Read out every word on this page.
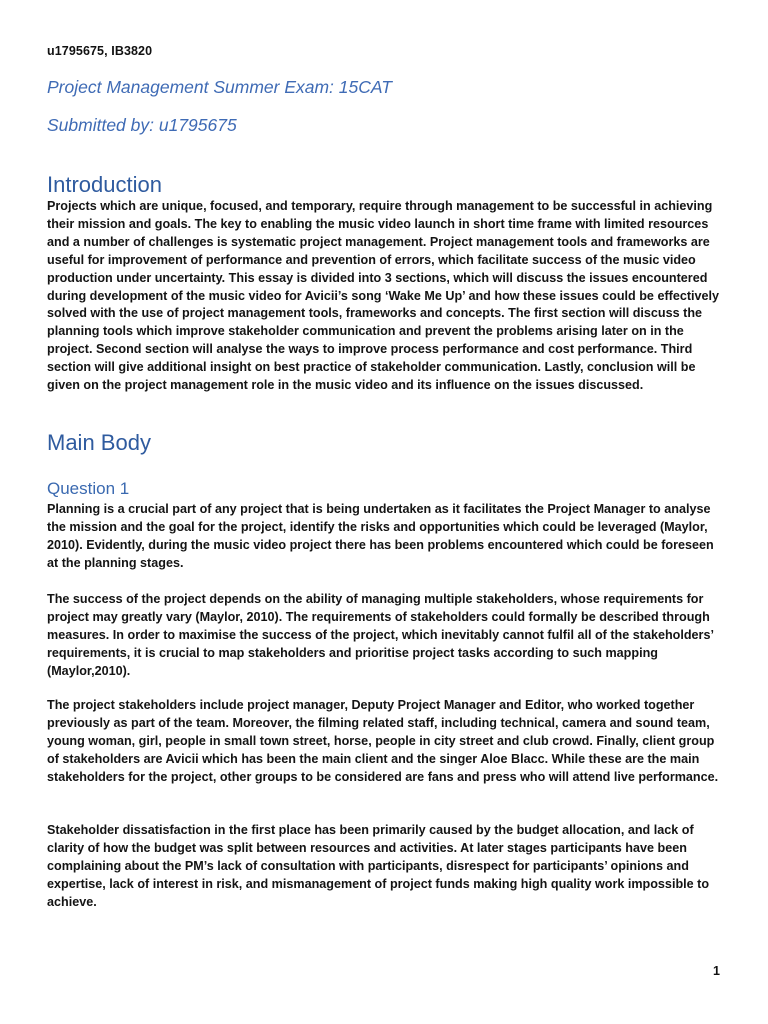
u1795675, IB3820
Project Management Summer Exam: 15CAT
Submitted by: u1795675
Introduction

Projects which are unique, focused, and temporary, require through management to be successful in achieving their mission and goals. The key to enabling the music video launch in short time frame with limited resources and a number of challenges is systematic project management. Project management tools and frameworks are useful for improvement of performance and prevention of errors, which facilitate success of the music video production under uncertainty. This essay is divided into 3 sections, which will discuss the issues encountered during development of the music video for Avicii’s song ‘Wake Me Up’ and how these issues could be effectively solved with the use of project management tools, frameworks and concepts. The first section will discuss the planning tools which improve stakeholder communication and prevent the problems arising later on in the project. Second section will analyse the ways to improve process performance and cost performance. Third section will give additional insight on best practice of stakeholder communication. Lastly, conclusion will be given on the project management role in the music video and its influence on the issues discussed.

Main Body
Question 1

Planning is a crucial part of any project that is being undertaken as it facilitates the Project Manager to analyse the mission and the goal for the project, identify the risks and opportunities which could be leveraged (Maylor, 2010). Evidently, during the music video project there has been problems encountered which could be foreseen at the planning stages.

The success of the project depends on the ability of managing multiple stakeholders, whose requirements for project may greatly vary (Maylor, 2010). The requirements of stakeholders could formally be described through measures. In order to maximise the success of the project, which inevitably cannot fulfil all of the stakeholders’ requirements, it is crucial to map stakeholders and prioritise project tasks according to such mapping (Maylor,2010).

The project stakeholders include project manager, Deputy Project Manager and Editor, who worked together previously as part of the team. Moreover, the filming related staff, including technical, camera and sound team, young woman, girl, people in small town street, horse, people in city street and club crowd. Finally, client group of stakeholders are Avicii which has been the main client and the singer Aloe Blacc. While these are the main stakeholders for the project, other groups to be considered are fans and press who will attend live performance.

Stakeholder dissatisfaction in the first place has been primarily caused by the budget allocation, and lack of clarity of how the budget was split between resources and activities. At later stages participants have been complaining about the PM’s lack of consultation with participants, disrespect for participants’ opinions and expertise, lack of interest in risk, and mismanagement of project funds making high quality work impossible to achieve.

1
